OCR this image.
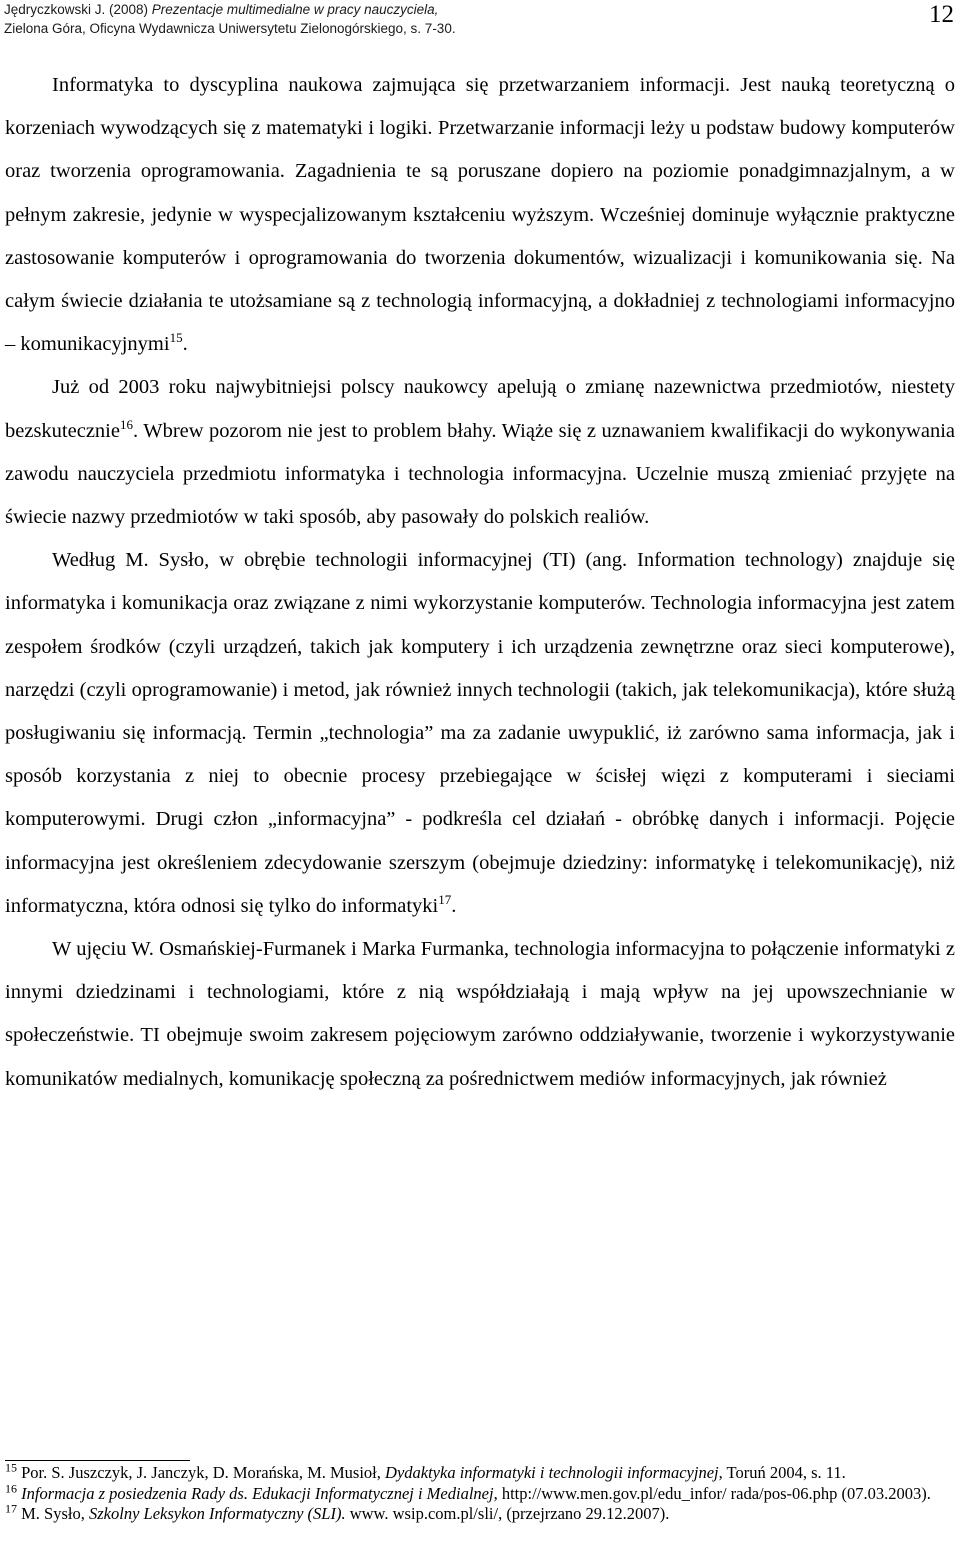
Jędryczkowski J. (2008) Prezentacje multimedialne w pracy nauczyciela,
Zielona Góra, Oficyna Wydawnicza Uniwersytetu Zielonogórskiego, s. 7-30.
12

Informatyka to dyscyplina naukowa zajmująca się przetwarzaniem informacji. Jest nauką teoretyczną o korzeniach wywodzących się z matematyki i logiki. Przetwarzanie informacji leży u podstaw budowy komputerów oraz tworzenia oprogramowania. Zagadnienia te są poruszane dopiero na poziomie ponadgimnazjalnym, a w pełnym zakresie, jedynie w wyspecjalizowanym kształceniu wyższym. Wcześniej dominuje wyłącznie praktyczne zastosowanie komputerów i oprogramowania do tworzenia dokumentów, wizualizacji i komunikowania się. Na całym świecie działania te utożsamiane są z technologią informacyjną, a dokładniej z technologiami informacyjno – komunikacyjnymi$^{15}$.

Już od 2003 roku najwybitniejsi polscy naukowcy apelują o zmianę nazewnictwa przedmiotów, niestety bezskutecznie$^{16}$. Wbrew pozorom nie jest to problem błahy. Wiąże się z uznawaniem kwalifikacji do wykonywania zawodu nauczyciela przedmiotu informatyka i technologia informacyjna. Uczelnie muszą zmieniać przyjęte na świecie nazwy przedmiotów w taki sposób, aby pasowały do polskich realiów.

Według M. Sysło, w obrębie technologii informacyjnej (TI) (ang. Information technology) znajduje się informatyka i komunikacja oraz związane z nimi wykorzystanie komputerów. Technologia informacyjna jest zatem zespołem środków (czyli urządzeń, takich jak komputery i ich urządzenia zewnętrzne oraz sieci komputerowe), narzędzi (czyli oprogramowanie) i metod, jak również innych technologii (takich, jak telekomunikacja), które służą posługiwaniu się informacją. Termin „technologia” ma za zadanie uwypuklić, iż zarówno sama informacja, jak i sposób korzystania z niej to obecnie procesy przebiegające w ścisłej więzi z komputerami i sieciami komputerowymi. Drugi człon „informacyjna” - podkreśla cel działań - obróbkę danych i informacji. Pojęcie informacyjna jest określeniem zdecydowanie szerszym (obejmuje dziedziny: informatykę i telekomunikację), niż informatyczna, która odnosi się tylko do informatyki$^{17}$.

W ujęciu W. Osmańskiej-Furmanek i Marka Furmanka, technologia informacyjna to połączenie informatyki z innymi dziedzinami i technologiami, które z nią współdziałają i mają wpływ na jej upowszechnianie w społeczeństwie. TI obejmuje swoim zakresem pojęciowym zarówno oddziaływanie, tworzenie i wykorzystywanie komunikatów medialnych, komunikację społeczną za pośrednictwem mediów informacyjnych, jak również

$^{15}$ Por. S. Juszczyk, J. Janczyk, D. Morańska, M. Musioł, Dydaktyka informatyki i technologii informacyjnej, Toruń 2004, s. 11.

$^{16}$ Informacja z posiedzenia Rady ds. Edukacji Informatycznej i Medialnej, http://www.men.gov.pl/edu_infor/ rada/pos-06.php (07.03.2003).

$^{17}$ M. Sysło, Szkolny Leksykon Informatyczny (SLI). www. wsip.com.pl/sli/, (przejrzano 29.12.2007).
